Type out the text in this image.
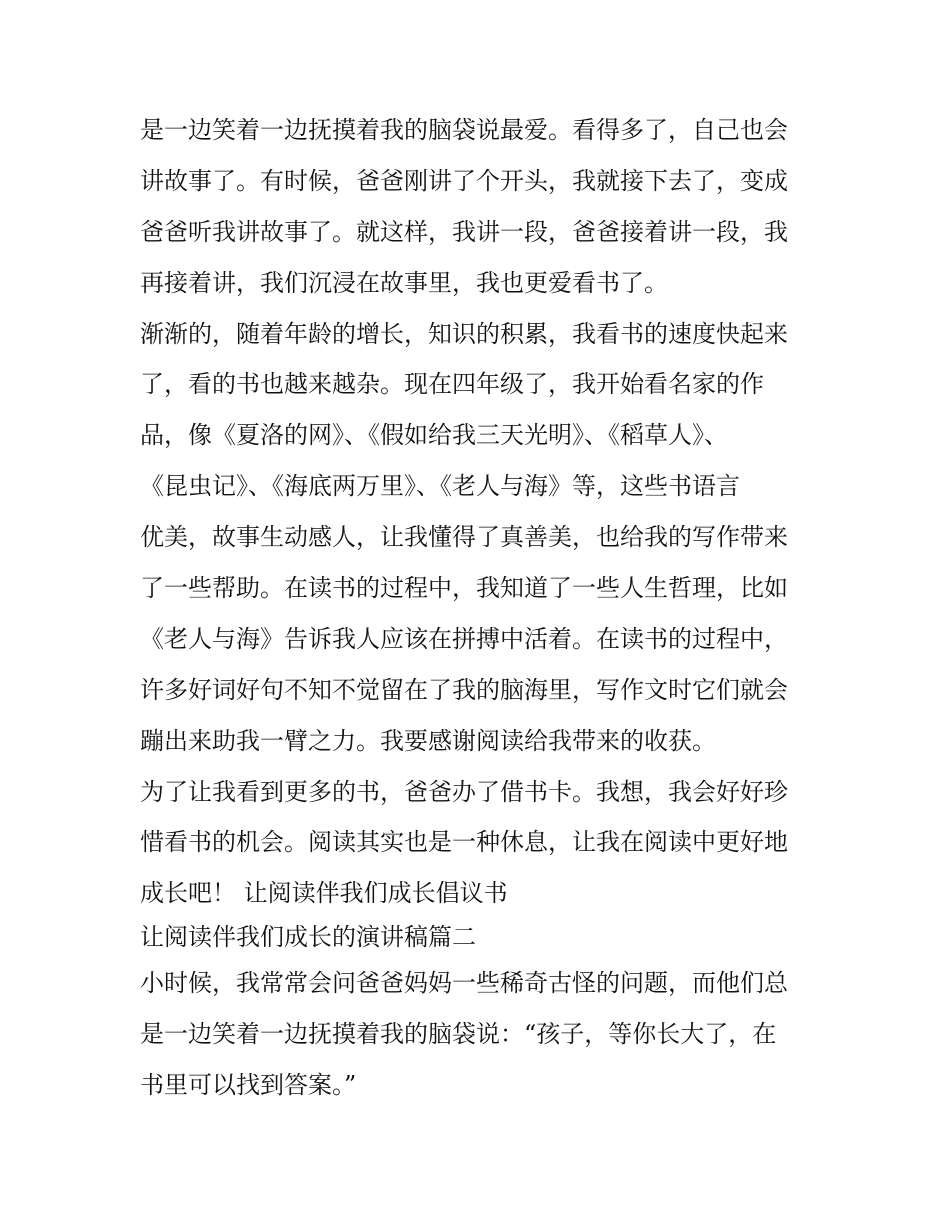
是一边笑着一边抚摸着我的脑袋说最爱。看得多了，自己也会
讲故事了。有时候，爸爸刚讲了个开头，我就接下去了，变成
爸爸听我讲故事了。就这样，我讲一段，爸爸接着讲一段，我
再接着讲，我们沉浸在故事里，我也更爱看书了。
渐渐的，随着年龄的增长，知识的积累，我看书的速度快起来
了，看的书也越来越杂。现在四年级了，我开始看名家的作
品，像《夏洛的网》、《假如给我三天光明》、《稻草人》、
《昆虫记》、《海底两万里》、《老人与海》等，这些书语言
优美，故事生动感人，让我懂得了真善美，也给我的写作带来
了一些帮助。在读书的过程中，我知道了一些人生哲理，比如
《老人与海》告诉我人应该在拼搏中活着。在读书的过程中，
许多好词好句不知不觉留在了我的脑海里，写作文时它们就会
蹦出来助我一臂之力。我要感谢阅读给我带来的收获。
为了让我看到更多的书，爸爸办了借书卡。我想，我会好好珍
惜看书的机会。阅读其实也是一种休息，让我在阅读中更好地
成长吧！ 让阅读伴我们成长倡议书
让阅读伴我们成长的演讲稿篇二
小时候，我常常会问爸爸妈妈一些稀奇古怪的问题，而他们总
是一边笑着一边抚摸着我的脑袋说：“孩子，等你长大了，在
书里可以找到答案。”
